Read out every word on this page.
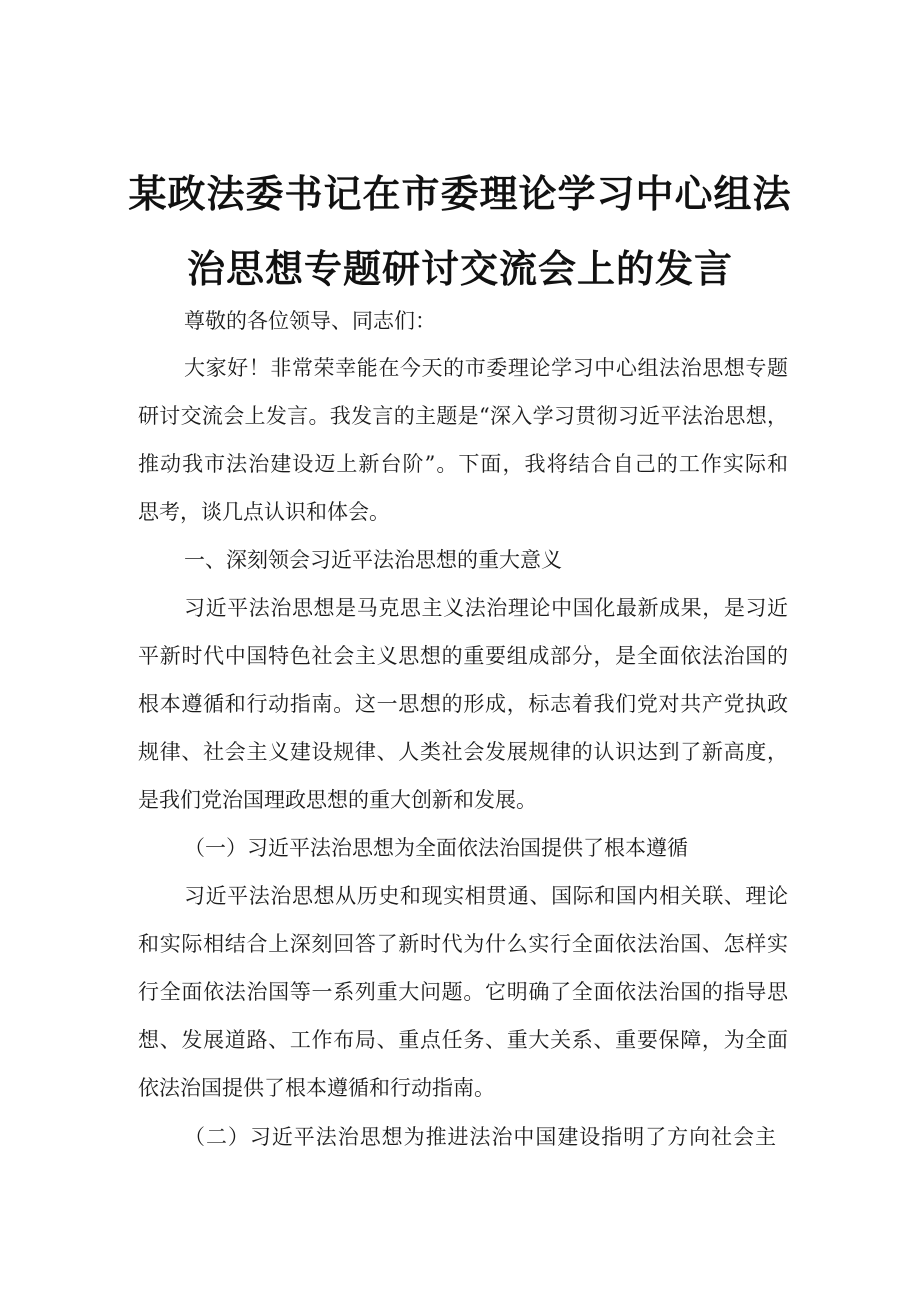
某政法委书记在市委理论学习中心组法
治思想专题研讨交流会上的发言
尊敬的各位领导、同志们：
大家好！非常荣幸能在今天的市委理论学习中心组法治思想专题
研讨交流会上发言。我发言的主题是“深入学习贯彻习近平法治思想，
推动我市法治建设迈上新台阶”。下面，我将结合自己的工作实际和
思考，谈几点认识和体会。
一、深刻领会习近平法治思想的重大意义
习近平法治思想是马克思主义法治理论中国化最新成果，是习近
平新时代中国特色社会主义思想的重要组成部分，是全面依法治国的
根本遵循和行动指南。这一思想的形成，标志着我们党对共产党执政
规律、社会主义建设规律、人类社会发展规律的认识达到了新高度，
是我们党治国理政思想的重大创新和发展。
（一）习近平法治思想为全面依法治国提供了根本遵循
习近平法治思想从历史和现实相贯通、国际和国内相关联、理论
和实际相结合上深刻回答了新时代为什么实行全面依法治国、怎样实
行全面依法治国等一系列重大问题。它明确了全面依法治国的指导思
想、发展道路、工作布局、重点任务、重大关系、重要保障，为全面
依法治国提供了根本遵循和行动指南。
（二）习近平法治思想为推进法治中国建设指明了方向社会主
